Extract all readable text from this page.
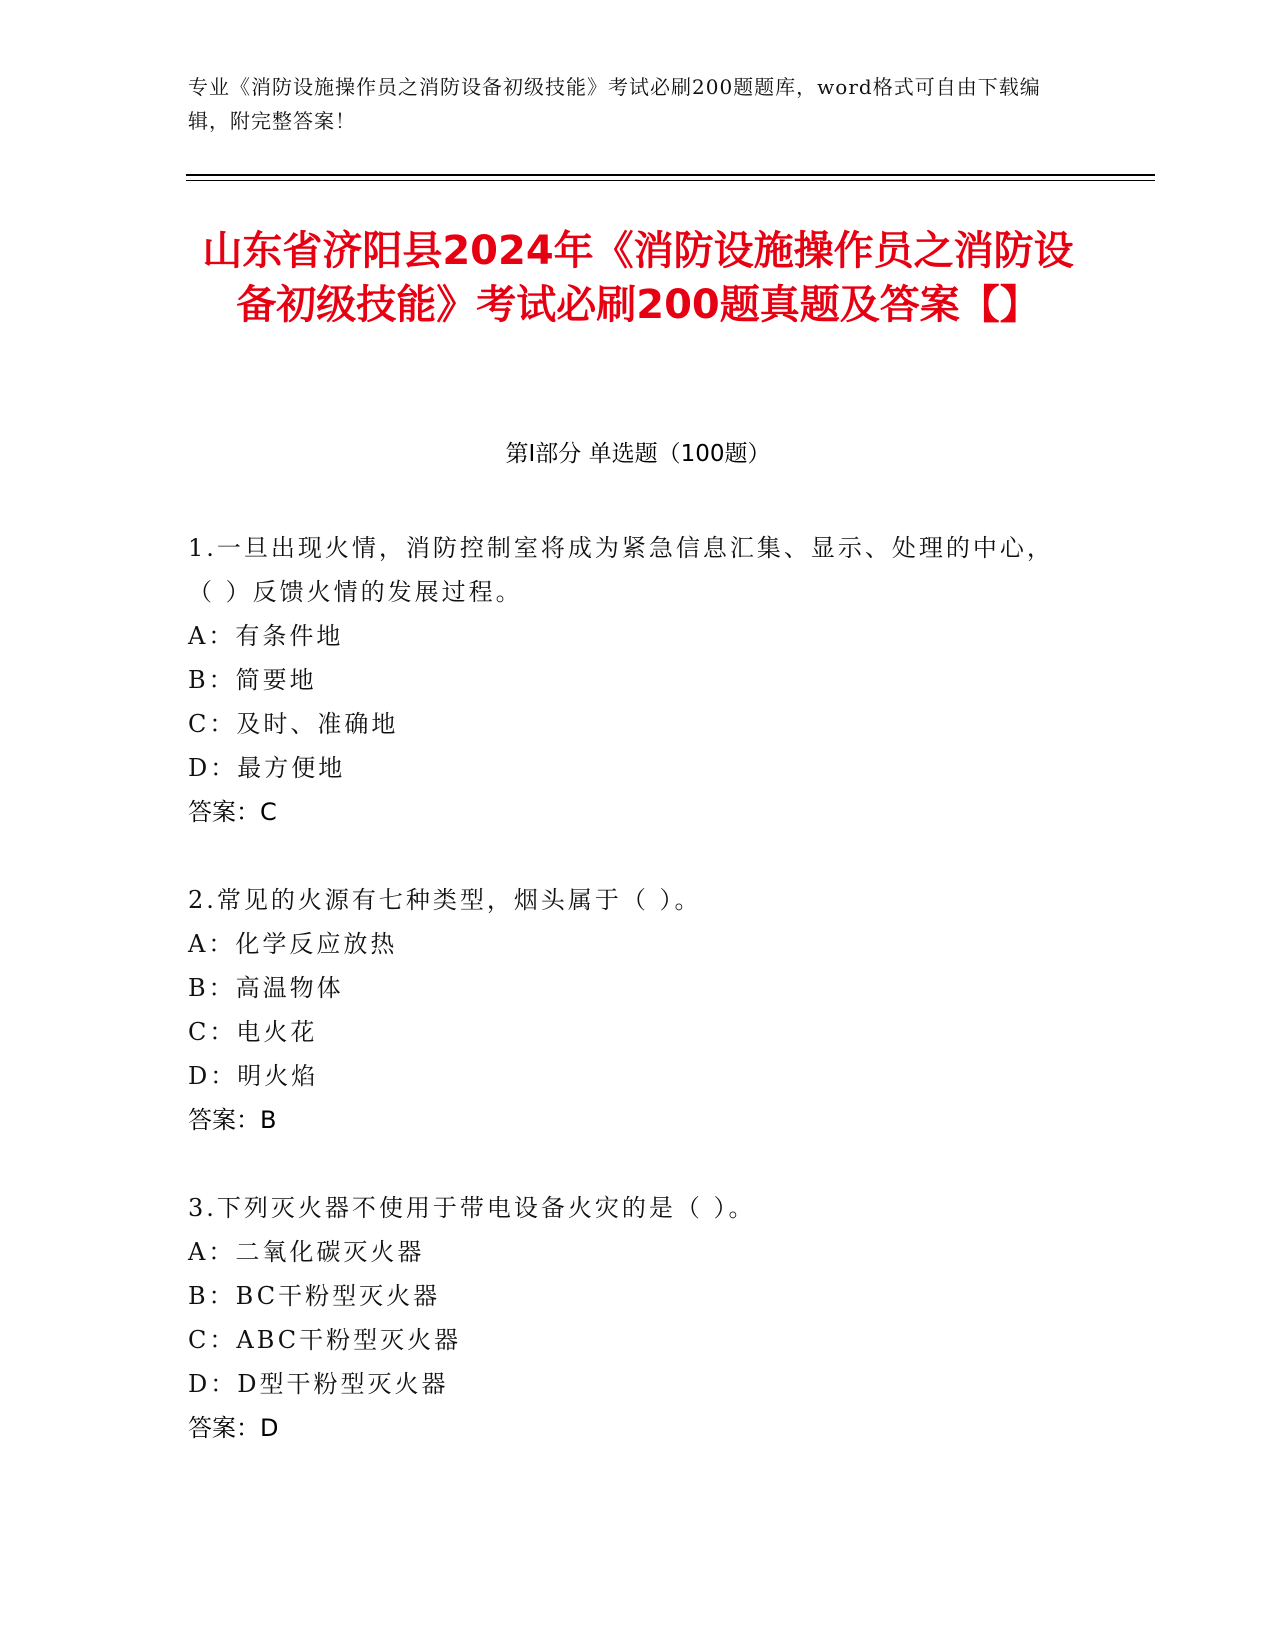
专业《消防设施操作员之消防设备初级技能》考试必刷200题题库，word格式可自由下载编辑，附完整答案！
山东省济阳县2024年《消防设施操作员之消防设备初级技能》考试必刷200题真题及答案【】
第I部分 单选题（100题）
1.一旦出现火情，消防控制室将成为紧急信息汇集、显示、处理的中心，（ ）反馈火情的发展过程。
A：有条件地
B：简要地
C：及时、准确地
D：最方便地
答案：C
2.常见的火源有七种类型，烟头属于（ ）。
A：化学反应放热
B：高温物体
C：电火花
D：明火焰
答案：B
3.下列灭火器不使用于带电设备火灾的是（ ）。
A：二氧化碳灭火器
B：BC干粉型灭火器
C：ABC干粉型灭火器
D：D型干粉型灭火器
答案：D
